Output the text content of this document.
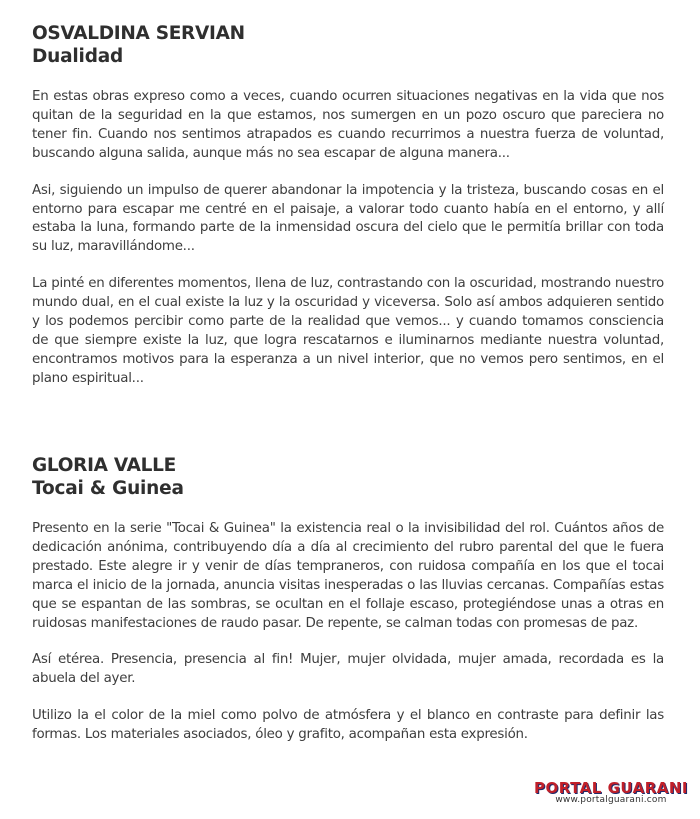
OSVALDINA SERVIAN
Dualidad

En estas obras expreso como a veces, cuando ocurren situaciones negativas en la vida que nos quitan de la seguridad en la que estamos, nos sumergen en un pozo oscuro que pareciera no tener fin. Cuando nos sentimos atrapados es cuando recurrimos a nuestra fuerza de voluntad, buscando alguna salida, aunque más no sea escapar de alguna manera...

Asi, siguiendo un impulso de querer abandonar la impotencia y la tristeza, buscando cosas en el entorno para escapar me centré en el paisaje, a valorar todo cuanto había en el entorno, y allí estaba la luna, formando parte de la inmensidad oscura del cielo que le permitía brillar con toda su luz, maravillándome...

La pinté en diferentes momentos, llena de luz, contrastando con la oscuridad, mostrando nuestro mundo dual, en el cual existe la luz y la oscuridad y viceversa. Solo así ambos adquieren sentido y los podemos percibir como parte de la realidad que vemos... y cuando tomamos consciencia de que siempre existe la luz, que logra rescatarnos e iluminarnos mediante nuestra voluntad, encontramos motivos para la esperanza a un nivel interior, que no vemos pero sentimos, en el plano espiritual...

GLORIA VALLE
Tocai & Guinea

Presento en la serie "Tocai & Guinea" la existencia real o la invisibilidad del rol. Cuántos años de dedicación anónima, contribuyendo día a día al crecimiento del rubro parental del que le fuera prestado. Este alegre ir y venir de días tempraneros, con ruidosa compañía en los que el tocai marca el inicio de la jornada, anuncia visitas inesperadas o las lluvias cercanas. Compañías estas que se espantan de las sombras, se ocultan en el follaje escaso, protegiéndose unas a otras en ruidosas manifestaciones de raudo pasar. De repente, se calman todas con promesas de paz.

Así etérea. Presencia, presencia al fin! Mujer, mujer olvidada, mujer amada, recordada es la abuela del ayer.

Utilizo la el color de la miel como polvo de atmósfera y el blanco en contraste para definir las formas. Los materiales asociados, óleo y grafito, acompañan esta expresión.

PORTAL GUARANI
www.portalguarani.com
